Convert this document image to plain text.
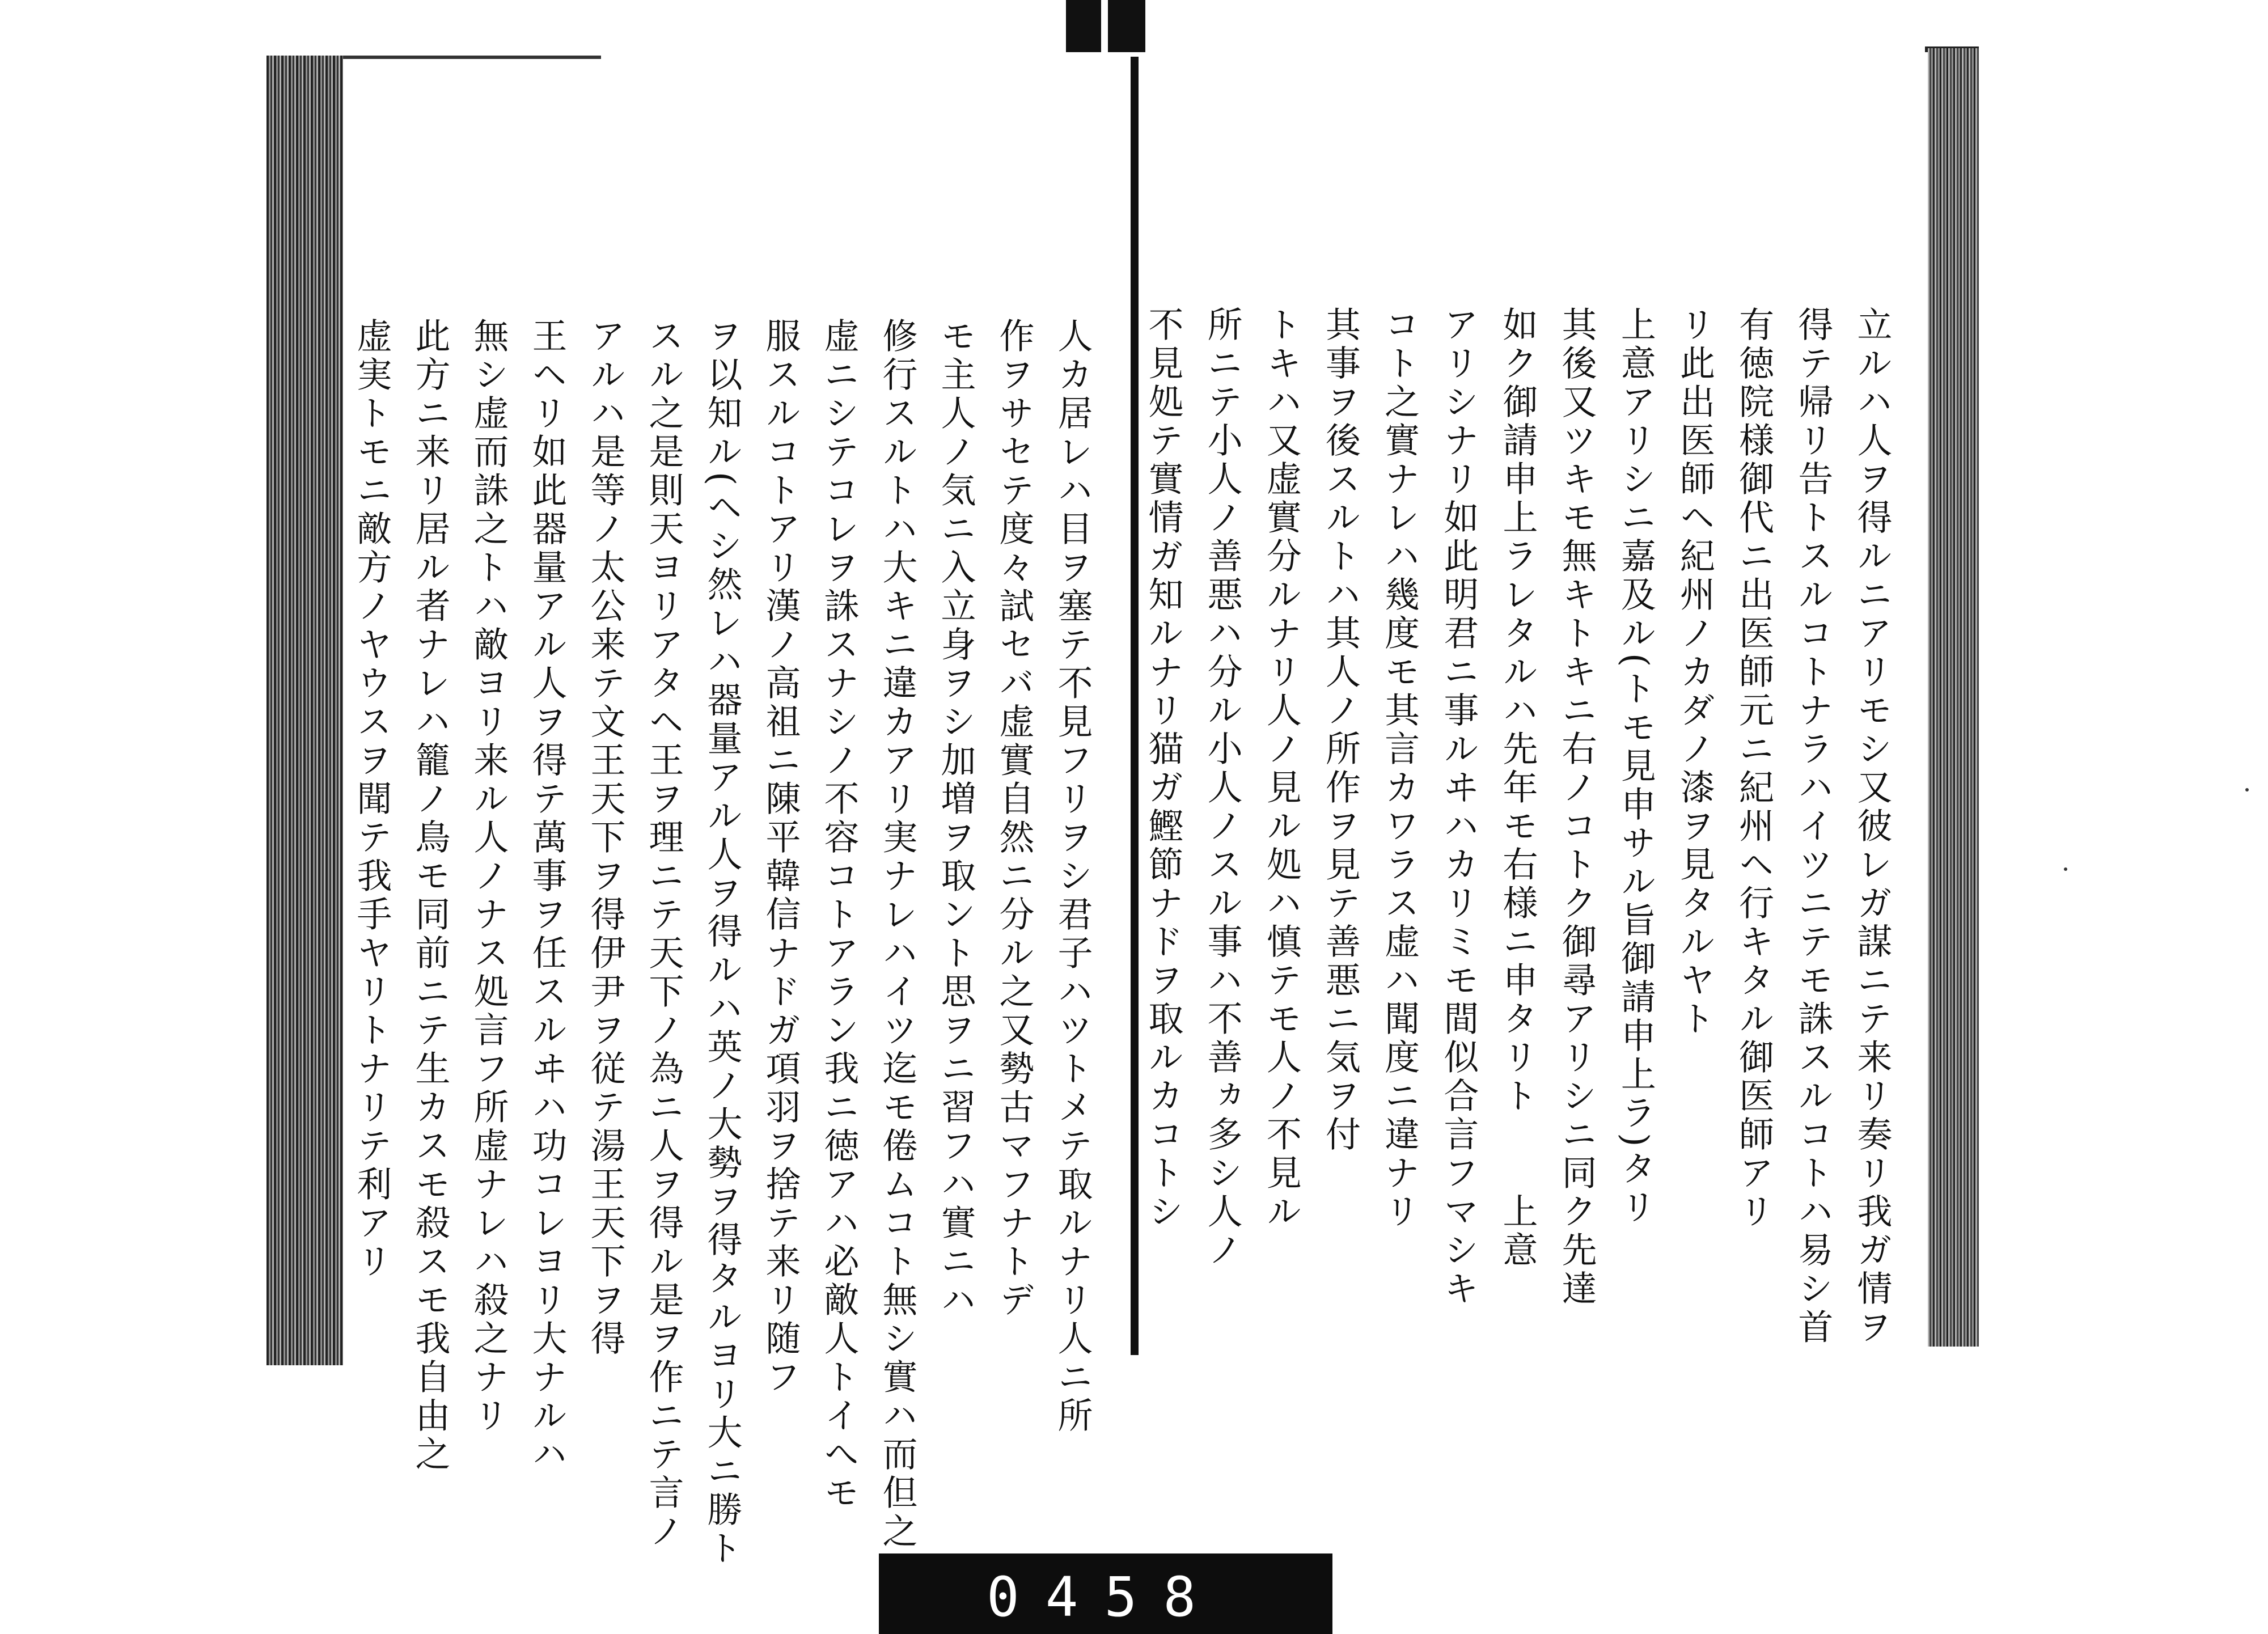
人カ居レハ目ヲ塞テ不見フリヲシ君子ハツトメテ取ルナリ人ニ所
作ヲサセテ度々試セバ虚實自然ニ分ル之又勢古マフナトデ
モ主人ノ気ニ入立身ヲシ加増ヲ取ント思ヲニ習フハ實ニハ
修行スルトハ大キニ違カアリ実ナレハイツ迄モ倦ムコト無シ實ハ而但之
虚ニシテコレヲ誅スナシノ不容コトアラン我ニ徳アハ必敵人トイへモ
服スルコトアリ漢ノ高祖ニ陳平韓信ナドガ項羽ヲ捨テ来リ随フ
ヲ以知ル(ヘシ然レハ器量アル人ヲ得ルハ英ノ大勢ヲ得タルヨリ大ニ勝ト
スル之是則天ヨリアタヘ王ヲ理ニテ天下ノ為ニ人ヲ得ル是ヲ作ニテ言ノ
アルハ是等ノ太公来テ文王天下ヲ得伊尹ヲ従テ湯王天下ヲ得
王ヘリ如此器量アル人ヲ得テ萬事ヲ任スルヰハ功コレヨリ大ナルハ
無シ虚而誅之トハ敵ヨリ来ル人ノナス処言フ所虚ナレハ殺之ナリ
此方ニ来リ居ル者ナレハ籠ノ鳥モ同前ニテ生カスモ殺スモ我自由之
虚実トモニ敵方ノヤウスヲ聞テ我手ヤリトナリテ利アリ
0458
立ルハ人ヲ得ルニアリモシ又彼レガ謀ニテ来リ奏リ我ガ情ヲ
得テ帰リ告トスルコトナラハイツニテモ誅スルコトハ易シ首
有徳院様御代ニ出医師元ニ紀州ヘ行キタル御医師アリ
リ此出医師ヘ紀州ノカダノ漆ヲ見タルヤト
上意アリシニ嘉及ル(トモ見申サル旨御請申上ラ)タリ
其後又ツキモ無キトキニ右ノコトク御尋アリシニ同ク先達
如ク御請申上ラレタルハ先年モ右様ニ申タリト　　上意
アリシナリ如此明君ニ事ルヰハカリミモ間似合言フマシキ
コト之實ナレハ幾度モ其言カワラス虚ハ聞度ニ違ナリ
其事ヲ後スルトハ其人ノ所作ヲ見テ善悪ニ気ヲ付
トキハ又虚實分ルナリ人ノ見ル処ハ慎テモ人ノ不見ル
所ニテ小人ノ善悪ハ分ル小人ノスル事ハ不善ヵ多シ人ノ
不見処テ實情ガ知ルナリ猫ガ鰹節ナドヲ取ルカコトシ
